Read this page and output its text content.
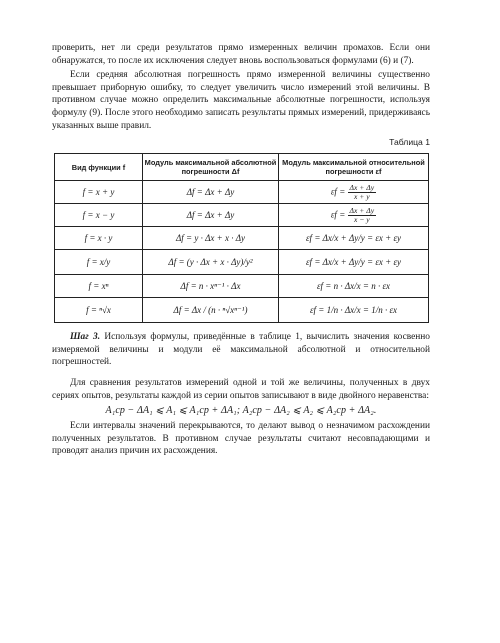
проверить, нет ли среди результатов прямо измеренных величин промахов. Если они обнаружатся, то после их исключения следует вновь воспользоваться формулами (6) и (7).

Если средняя абсолютная погрешность прямо измеренной величины существенно превышает приборную ошибку, то следует увеличить число измерений этой величины. В противном случае можно определить максимальные абсолютные погрешности, используя формулу (9). После этого необходимо записать результаты прямых измерений, придерживаясь указанных выше правил.

Таблица 1
Вид функции f	Модуль максимальной абсолютной погрешности Δf	Модуль максимальной относительной погрешности εf
f = x + y	Δf = Δx + Δy	$\varepsilon f = \frac{\Delta x + \Delta y}{x + y}$

f = x − y	Δf = Δx + Δy	$\varepsilon f = \frac{\Delta x + \Delta y}{x - y}$

f = x · y	Δf = y · Δx + x · Δy	εf = Δx/x + Δy/y = εx + εy
f = x/y	Δf = (y · Δx + x · Δy)/y²	εf = Δx/x + Δy/y = εx + εy
f = xⁿ	Δf = n · xⁿ⁻¹ · Δx	εf = n · Δx/x = n · εx
f = ⁿ√x	Δf = Δx / (n · ⁿ√xⁿ⁻¹)	εf = 1/n · Δx/x = 1/n · εx

Шаг 3. Используя формулы, приведённые в таблице 1, вычислить значения косвенно измеряемой величины и модули её максимальной абсолютной и относительной погрешностей.

Для сравнения результатов измерений одной и той же величины, полученных в двух сериях опытов, результаты каждой из серии опытов записывают в виде двойного неравенства:

A₁ср − ΔA₁ ⩽ A₁ ⩽ A₁ср + ΔA₁; A₂ср − ΔA₂ ⩽ A₂ ⩽ A₂ср + ΔA₂.

Если интервалы значений перекрываются, то делают вывод о незначимом расхождении полученных результатов. В противном случае результаты считают несовпадающими и проводят анализ причин их расхождения.
